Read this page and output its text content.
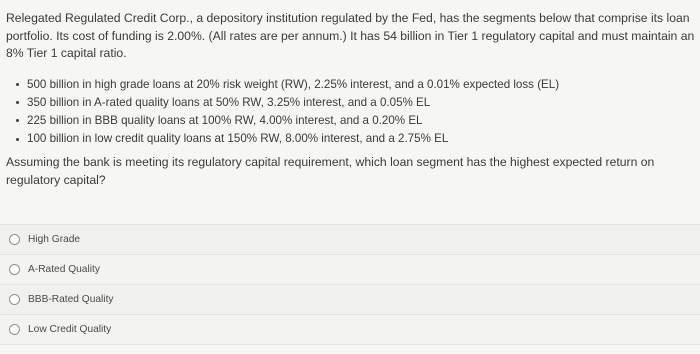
Relegated Regulated Credit Corp., a depository institution regulated by the Fed, has the segments below that comprise its loan portfolio. Its cost of funding is 2.00%. (All rates are per annum.) It has 54 billion in Tier 1 regulatory capital and must maintain an 8% Tier 1 capital ratio.

500 billion in high grade loans at 20% risk weight (RW), 2.25% interest, and a 0.01% expected loss (EL)
350 billion in A-rated quality loans at 50% RW, 3.25% interest, and a 0.05% EL
225 billion in BBB quality loans at 100% RW, 4.00% interest, and a 0.20% EL
100 billion in low credit quality loans at 150% RW, 8.00% interest, and a 2.75% EL

Assuming the bank is meeting its regulatory capital requirement, which loan segment has the highest expected return on regulatory capital?

High Grade
A-Rated Quality
BBB-Rated Quality
Low Credit Quality
